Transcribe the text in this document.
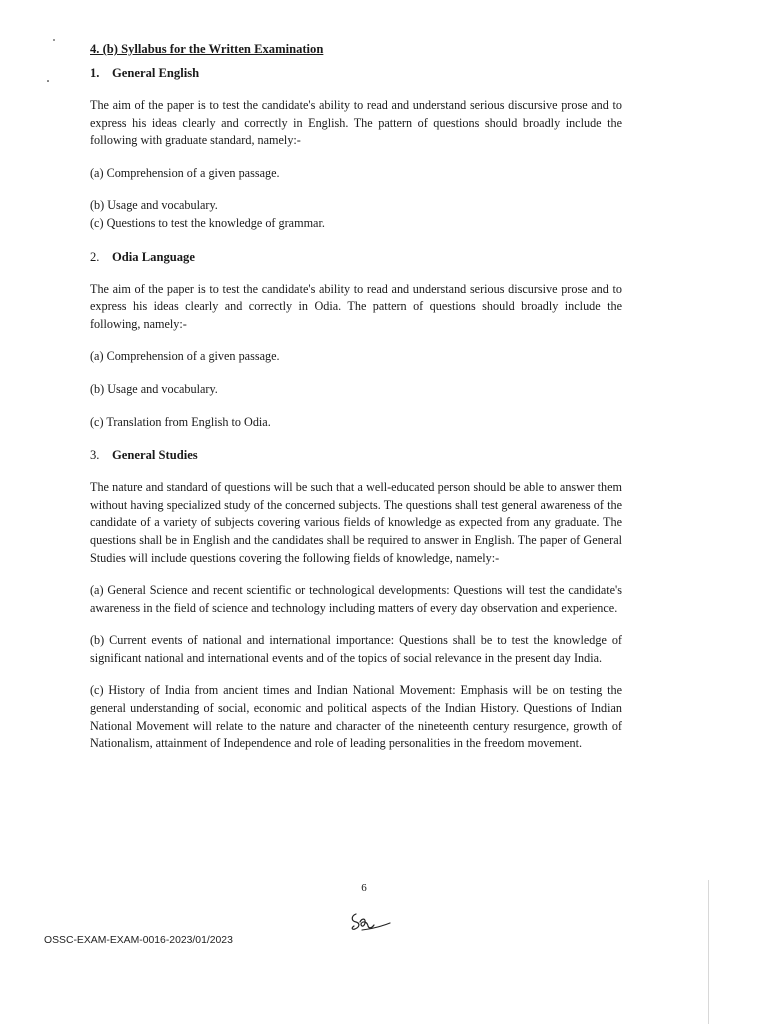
4. (b) Syllabus for the Written Examination

1. General English

The aim of the paper is to test the candidate's ability to read and understand serious discursive prose and to express his ideas clearly and correctly in English. The pattern of questions should broadly include the following with graduate standard, namely:-

(a) Comprehension of a given passage.

(b) Usage and vocabulary.

(c) Questions to test the knowledge of grammar.

2. Odia Language

The aim of the paper is to test the candidate's ability to read and understand serious discursive prose and to express his ideas clearly and correctly in Odia. The pattern of questions should broadly include the following, namely:-

(a) Comprehension of a given passage.

(b) Usage and vocabulary.

(c) Translation from English to Odia.

3. General Studies

The nature and standard of questions will be such that a well-educated person should be able to answer them without having specialized study of the concerned subjects. The questions shall test general awareness of the candidate of a variety of subjects covering various fields of knowledge as expected from any graduate. The questions shall be in English and the candidates shall be required to answer in English. The paper of General Studies will include questions covering the following fields of knowledge, namely:-

(a) General Science and recent scientific or technological developments: Questions will test the candidate's awareness in the field of science and technology including matters of every day observation and experience.

(b) Current events of national and international importance: Questions shall be to test the knowledge of significant national and international events and of the topics of social relevance in the present day India.

(c) History of India from ancient times and Indian National Movement: Emphasis will be on testing the general understanding of social, economic and political aspects of the Indian History. Questions of Indian National Movement will relate to the nature and character of the nineteenth century resurgence, growth of Nationalism, attainment of Independence and role of leading personalities in the freedom movement.

6
OSSC-EXAM-EXAM-0016-2023/01/2023
